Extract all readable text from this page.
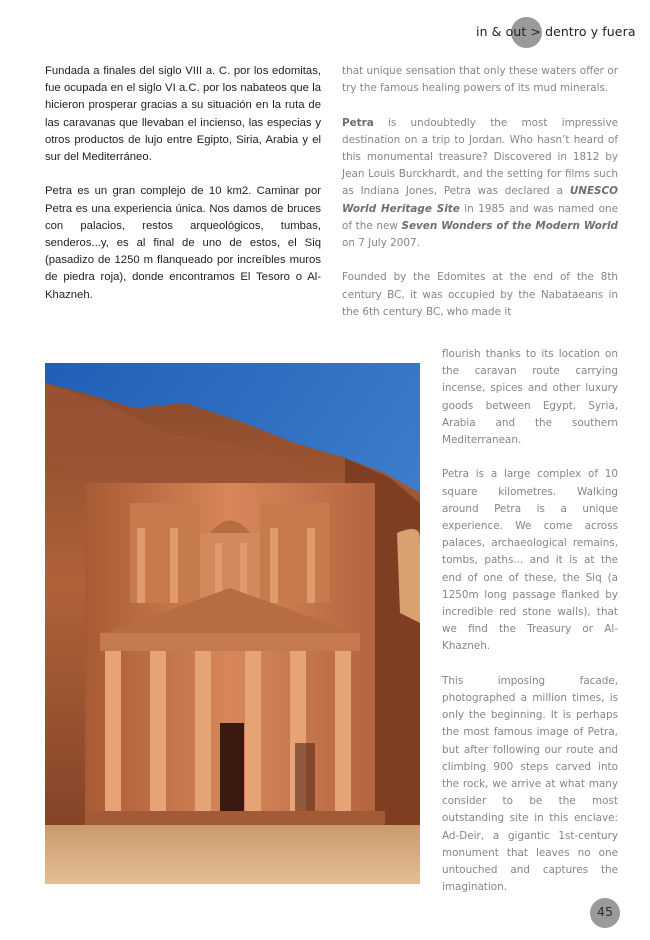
in & out > dentro y fuera

Fundada a finales del siglo VIII a. C. por los edomitas, fue ocupada en el siglo VI a.C. por los nabateos que la hicieron prosperar gracias a su situación en la ruta de las caravanas que llevaban el incienso, las especias y otros productos de lujo entre Egipto, Siria, Arabia y el sur del Mediterráneo.

Petra es un gran complejo de 10 km2. Caminar por Petra es una experiencia única. Nos damos de bruces con palacios, restos arqueológicos, tumbas, senderos...y, es al final de uno de estos, el Siq (pasadizo de 1250 m flanqueado por increíbles muros de piedra roja), donde encontramos El Tesoro o Al-Khazneh.

that unique sensation that only these waters offer or try the famous healing powers of its mud minerals.

Petra is undoubtedly the most impressive destination on a trip to Jordan. Who hasn’t heard of this monumental treasure? Discovered in 1812 by Jean Louis Burckhardt, and the setting for films such as Indiana Jones, Petra was declared a UNESCO World Heritage Site in 1985 and was named one of the new Seven Wonders of the Modern World on 7 July 2007.

Founded by the Edomites at the end of the 8th century BC, it was occupied by the Nabataeans in the 6th century BC, who made it

flourish thanks to its location on the caravan route carrying incense, spices and other luxury goods between Egypt, Syria, Arabia and the southern Mediterranean.

Petra is a large complex of 10 square kilometres. Walking around Petra is a unique experience. We come across palaces, archaeological remains, tombs, paths... and it is at the end of one of these, the Siq (a 1250m long passage flanked by incredible red stone walls), that we find the Treasury or Al-Khazneh.

This imposing facade, photographed a million times, is only the beginning. It is perhaps the most famous image of Petra, but after following our route and climbing 900 steps carved into the rock, we arrive at what many consider to be the most outstanding site in this enclave: Ad-Deir, a gigantic 1st-century monument that leaves no one untouched and captures the imagination.

45
